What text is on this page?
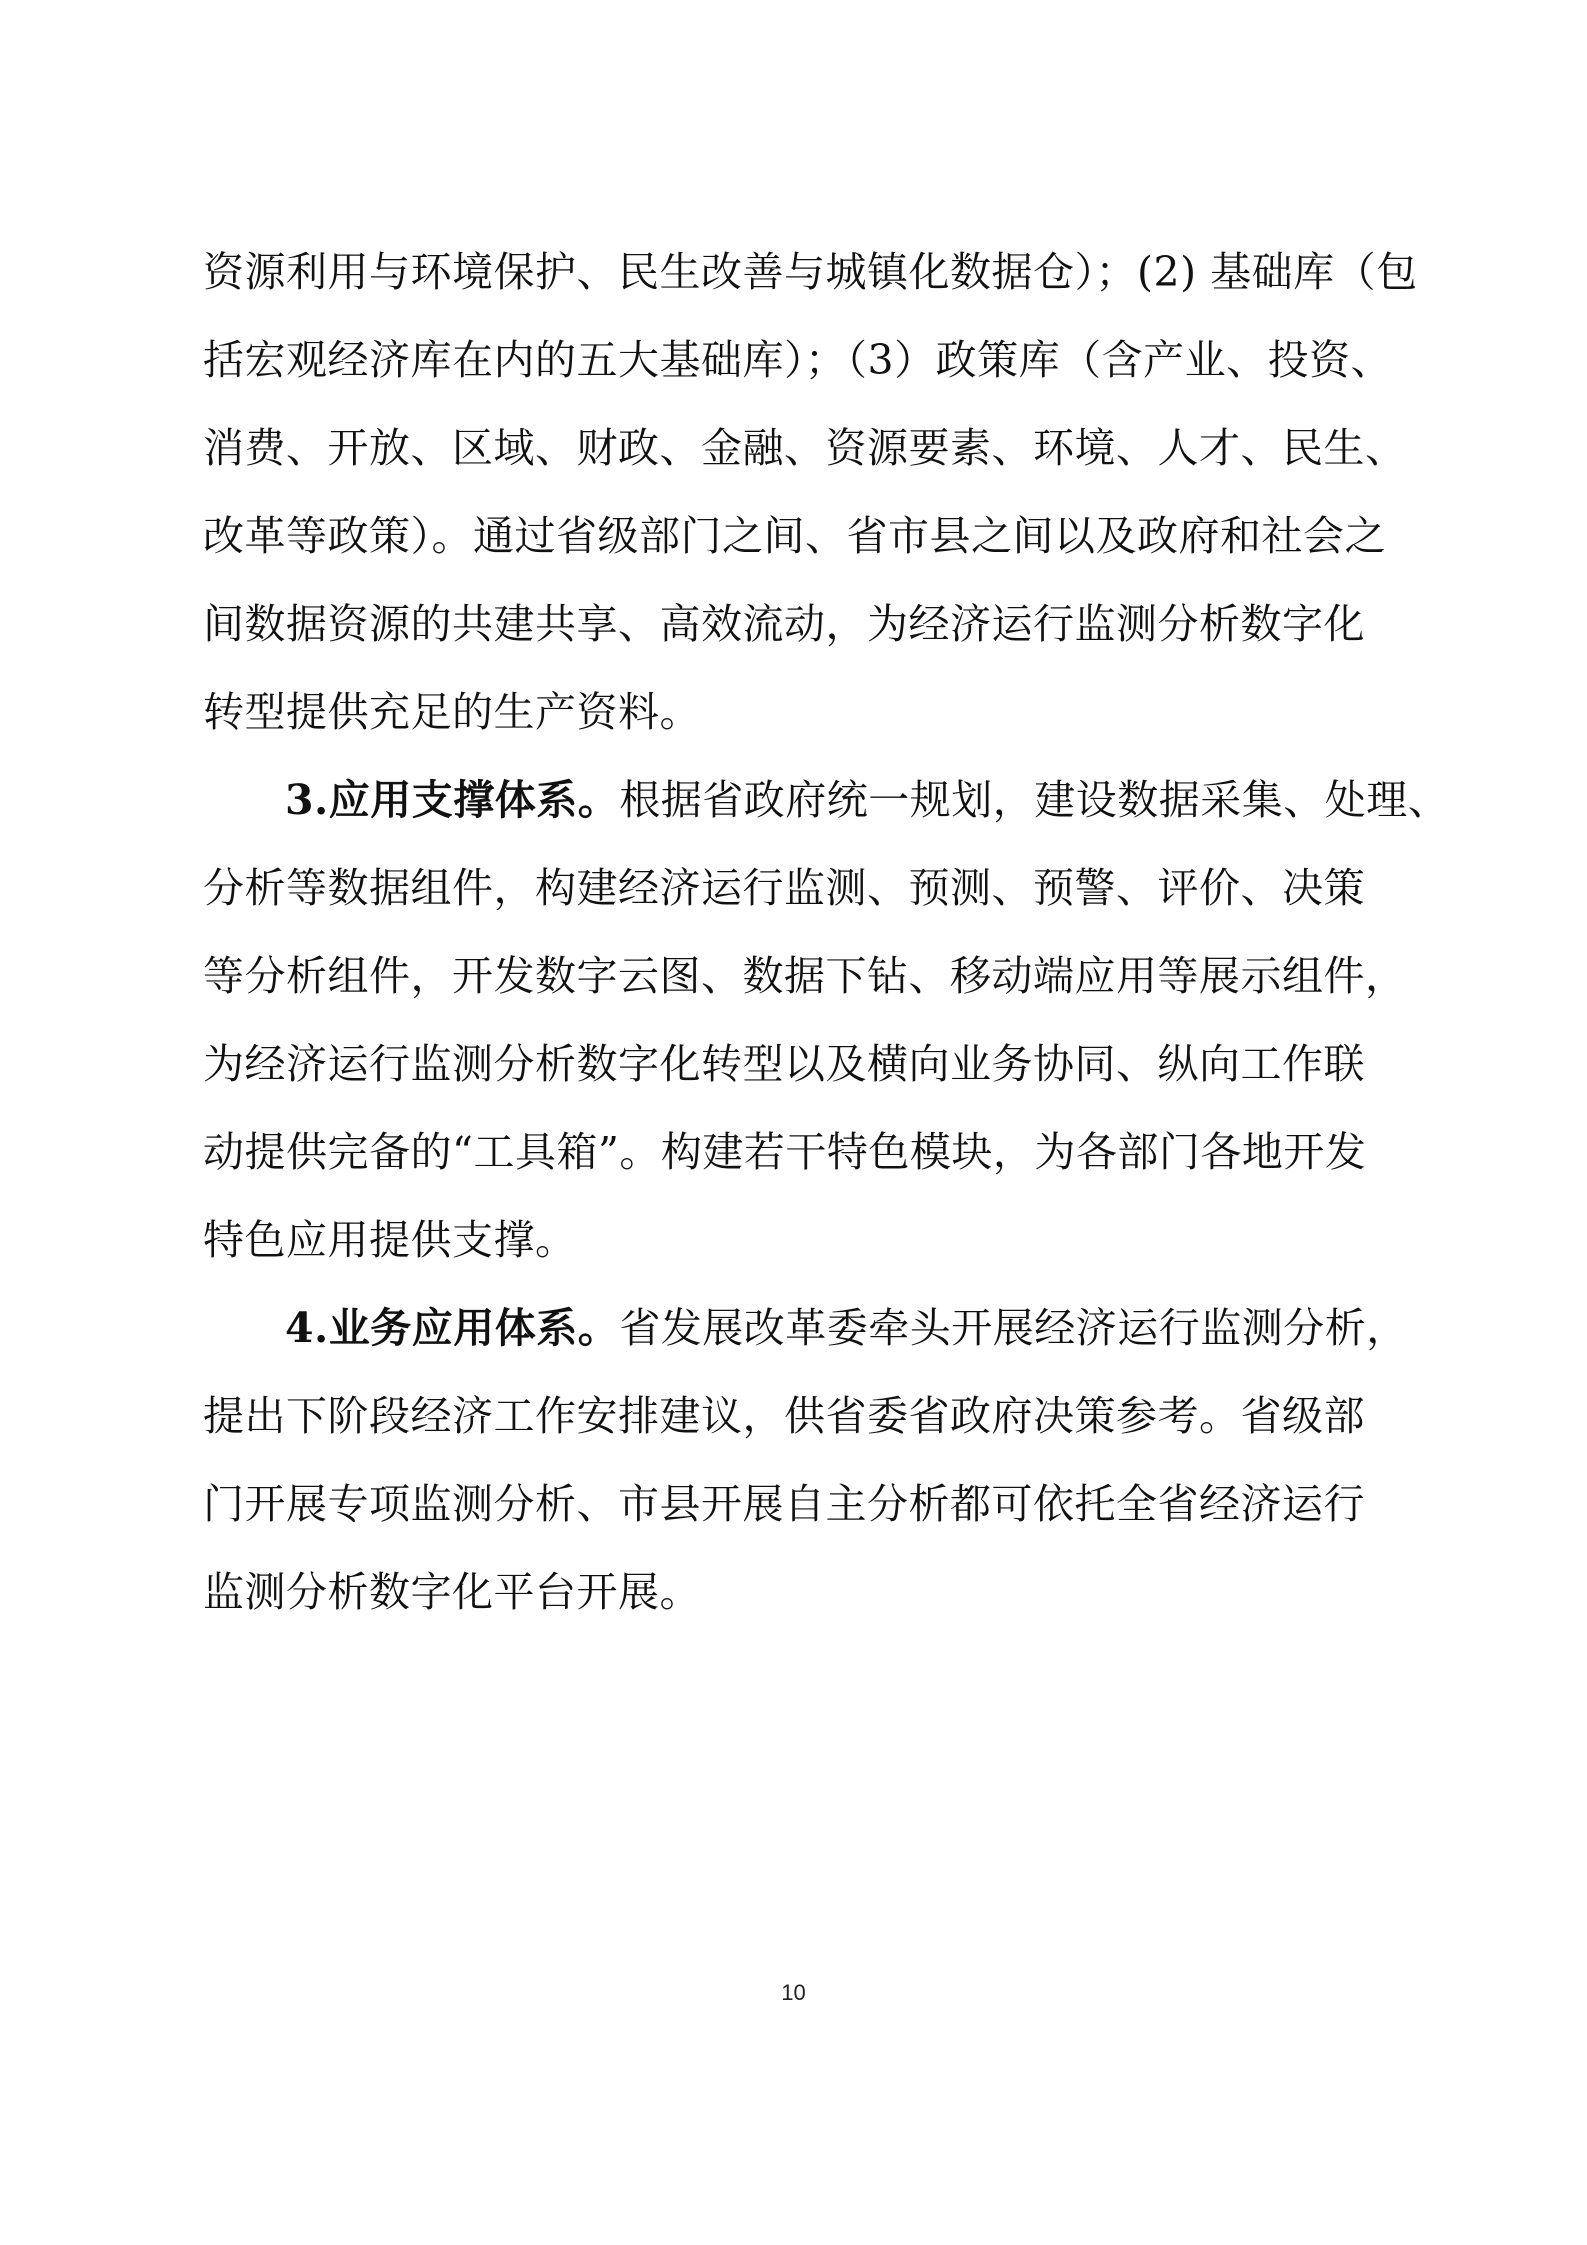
资源利用与环境保护、民生改善与城镇化数据仓）；(2) 基础库（包
括宏观经济库在内的五大基础库）；（3）政策库（含产业、投资、
消费、开放、区域、财政、金融、资源要素、环境、人才、民生、
改革等政策）。通过省级部门之间、省市县之间以及政府和社会之
间数据资源的共建共享、高效流动，为经济运行监测分析数字化
转型提供充足的生产资料。
3.应用支撑体系。根据省政府统一规划，建设数据采集、处理、
分析等数据组件，构建经济运行监测、预测、预警、评价、决策
等分析组件，开发数字云图、数据下钻、移动端应用等展示组件，
为经济运行监测分析数字化转型以及横向业务协同、纵向工作联
动提供完备的“工具箱”。构建若干特色模块，为各部门各地开发
特色应用提供支撑。
4.业务应用体系。省发展改革委牵头开展经济运行监测分析，
提出下阶段经济工作安排建议，供省委省政府决策参考。省级部
门开展专项监测分析、市县开展自主分析都可依托全省经济运行
监测分析数字化平台开展。
10
